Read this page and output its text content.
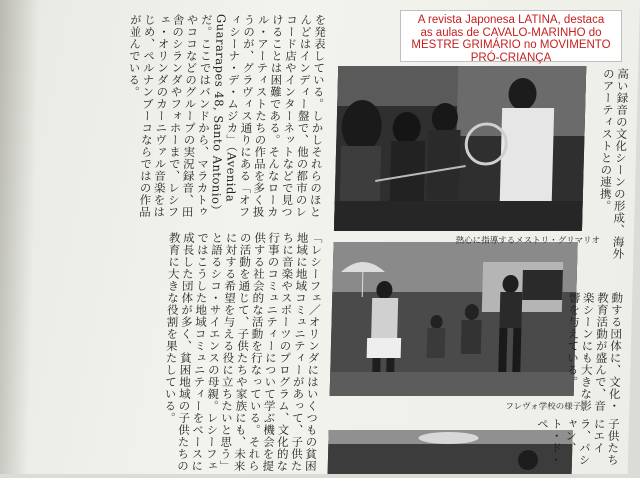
を発表している。しかしそれらのほとんどはインディー盤で、他の都市のレコード店やインターネットなどで見つけることは困難である。そんなローカル・アーティストたちの作品を多く扱うのが、グラヴィス通りにある「オフィシーナ・デ・ムジカ」（Avenida Guararapes 48, Santo Antonio）だ。ここではバンドから、マラカトゥやココなどのグループの実況録音、田舎のシランダやフォホーまで、レシフェ・オリンダのカーニヴァル音楽をはじめ、ペルナンブーコならではの作品が並んでいる。
「レシーフェ／オリンダにはいくつもの貧困地域に地域コミュニティーがあって、子供たちに音楽やスポーツのプログラム、文化的な行事のコミュニティーについて学ぶ機会を提供する社会的な活動を行なっている。それらの活動を通じて、子供たちや家族にも、未来に対する希望を与える役に立ちたいと思う」と語るシコ・サイエンスの母親。レシーフェではこうした地域コミュニティーをベースに成長した団体が多く、貧困地域の子供たちの教育に大きな役割を果たしている。	熱心に指導するメストリ・グリマリオ
フレヴォ学校の様子
高い録音の文化シーンの形成、海外のアーティストとの連携。
動する団体に、文化・教育活動が盛んで、音楽シーンにも大きな影響を与えている。
子供たちにエイラ、パシャン、ト・ド・ペ
A revista Japonesa LATINA, destaca
as aulas de CAVALO-MARINHO do
MESTRE GRIMÁRIO no MOVIMENTO
PRÓ-CRIANÇA
